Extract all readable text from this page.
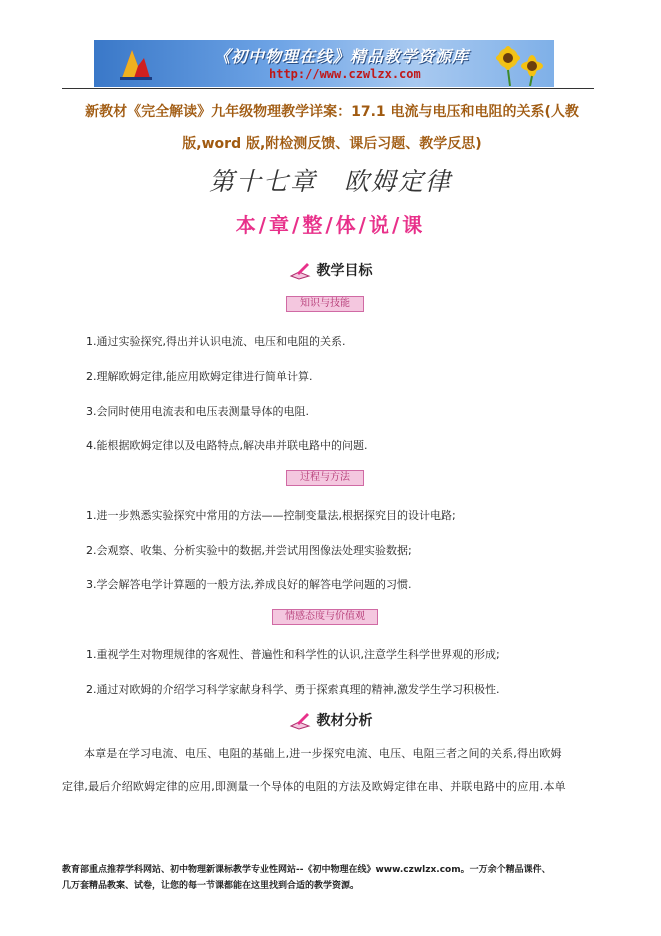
《初中物理在线》精品教学资源库
http://www.czwlzx.com
新教材《完全解读》九年级物理教学详案：17.1 电流与电压和电阻的关系(人教版,word 版,附检测反馈、课后习题、教学反思)
第十七章　欧姆定律
本/章/整/体/说/课
教学目标
知识与技能
1.通过实验探究,得出并认识电流、电压和电阻的关系.
2.理解欧姆定律,能应用欧姆定律进行简单计算.
3.会同时使用电流表和电压表测量导体的电阻.
4.能根据欧姆定律以及电路特点,解决串并联电路中的问题.
过程与方法
1.进一步熟悉实验探究中常用的方法——控制变量法,根据探究目的设计电路;
2.会观察、收集、分析实验中的数据,并尝试用图像法处理实验数据;
3.学会解答电学计算题的一般方法,养成良好的解答电学问题的习惯.
情感态度与价值观
1.重视学生对物理规律的客观性、普遍性和科学性的认识,注意学生科学世界观的形成;
2.通过对欧姆的介绍学习科学家献身科学、勇于探索真理的精神,激发学生学习积极性.
教材分析
本章是在学习电流、电压、电阻的基础上,进一步探究电流、电压、电阻三者之间的关系,得出欧姆
定律,最后介绍欧姆定律的应用,即测量一个导体的电阻的方法及欧姆定律在串、并联电路中的应用.本单
教育部重点推荐学科网站、初中物理新课标教学专业性网站--《初中物理在线》www.czwlzx.com。一万余个精品课件、
几万套精品教案、试卷，让您的每一节课都能在这里找到合适的教学资源。
